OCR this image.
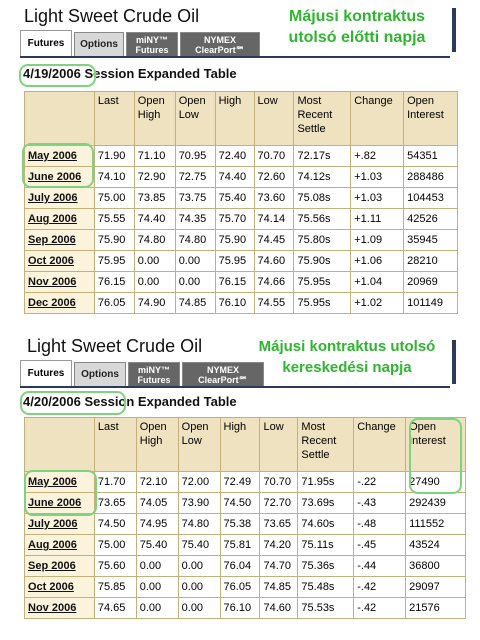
Light Sweet Crude Oil	Májusi kontraktus
utolsó előtti napja
Futures	Options	miNY™ Futures
NYMEX ClearPort℠
4/19/2006 Session Expanded Table
	Last	Open High	Open Low	High	Low	Most Recent Settle	Change	Open Interest
May 2006	71.90	71.10	70.95	72.40	70.70	72.17s	+.82	54351
June 2006	74.10	72.90	72.75	74.40	72.60	74.12s	+1.03	288486
July 2006	75.00	73.85	73.75	75.40	73.60	75.08s	+1.03	104453
Aug 2006	75.55	74.40	74.35	75.70	74.14	75.56s	+1.11	42526
Sep 2006	75.90	74.80	74.80	75.90	74.45	75.80s	+1.09	35945
Oct 2006	75.95	0.00	0.00	75.95	74.60	75.90s	+1.06	28210
Nov 2006	76.15	0.00	0.00	76.15	74.66	75.95s	+1.04	20969
Dec 2006	76.05	74.90	74.85	76.10	74.55	75.95s	+1.02	101149
Light Sweet Crude Oil	Májusi kontraktus utolsó
kereskedési napja
Futures	Options	miNY™ Futures
NYMEX ClearPort℠
4/20/2006 Session Expanded Table
	Last	Open High	Open Low	High	Low	Most Recent Settle	Change	Open Interest
May 2006	71.70	72.10	72.00	72.49	70.70	71.95s	-.22	27490
June 2006	73.65	74.05	73.90	74.50	72.70	73.69s	-.43	292439
July 2006	74.50	74.95	74.80	75.38	73.65	74.60s	-.48	111552
Aug 2006	75.00	75.40	75.40	75.81	74.20	75.11s	-.45	43524
Sep 2006	75.60	0.00	0.00	76.04	74.70	75.36s	-.44	36800
Oct 2006	75.85	0.00	0.00	76.05	74.85	75.48s	-.42	29097
Nov 2006	74.65	0.00	0.00	76.10	74.60	75.53s	-.42	21576
